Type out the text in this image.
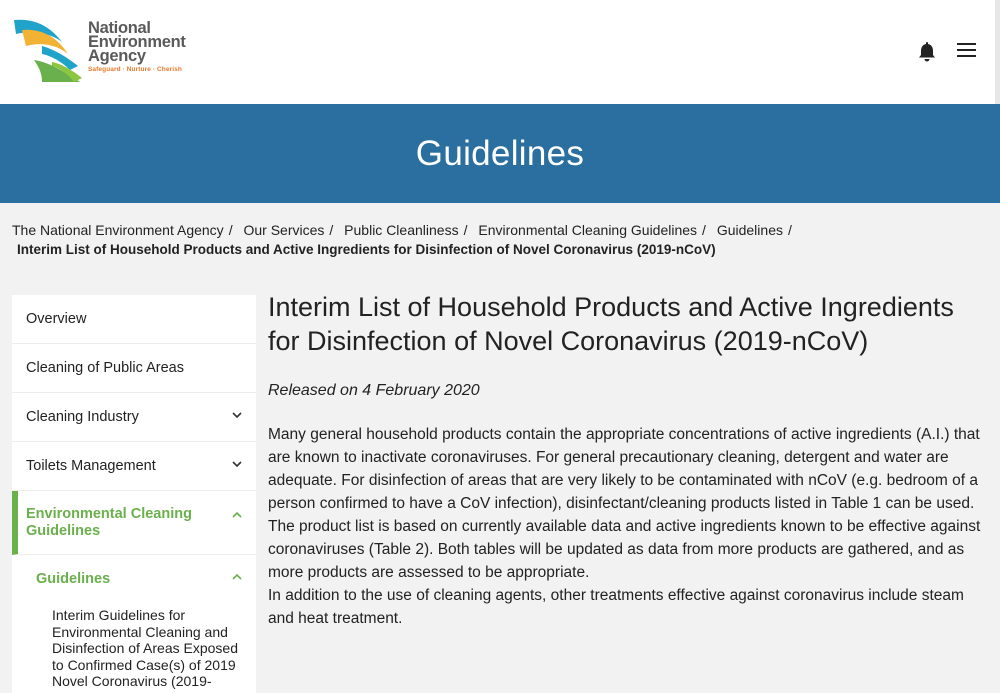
National
Environment
Agency
Safeguard · Nurture · Cherish
Guidelines
The National Environment Agency / Our Services / Public Cleanliness / Environmental Cleaning Guidelines / Guidelines /
Interim List of Household Products and Active Ingredients for Disinfection of Novel Coronavirus (2019-nCoV)
Overview
Cleaning of Public Areas
Cleaning Industry
Toilets Management
Environmental Cleaning Guidelines
Guidelines
Interim Guidelines for Environmental Cleaning and Disinfection of Areas Exposed to Confirmed Case(s) of 2019 Novel Coronavirus (2019-
Interim List of Household Products and Active Ingredients for Disinfection of Novel Coronavirus (2019-nCoV)
Released on 4 February 2020

Many general household products contain the appropriate concentrations of active ingredients (A.I.) that are known to inactivate coronaviruses. For general precautionary cleaning, detergent and water are adequate. For disinfection of areas that are very likely to be contaminated with nCoV (e.g. bedroom of a person confirmed to have a CoV infection), disinfectant/cleaning products listed in Table 1 can be used. The product list is based on currently available data and active ingredients known to be effective against coronaviruses (Table 2). Both tables will be updated as data from more products are gathered, and as more products are assessed to be appropriate.

In addition to the use of cleaning agents, other treatments effective against coronavirus include steam and heat treatment.
